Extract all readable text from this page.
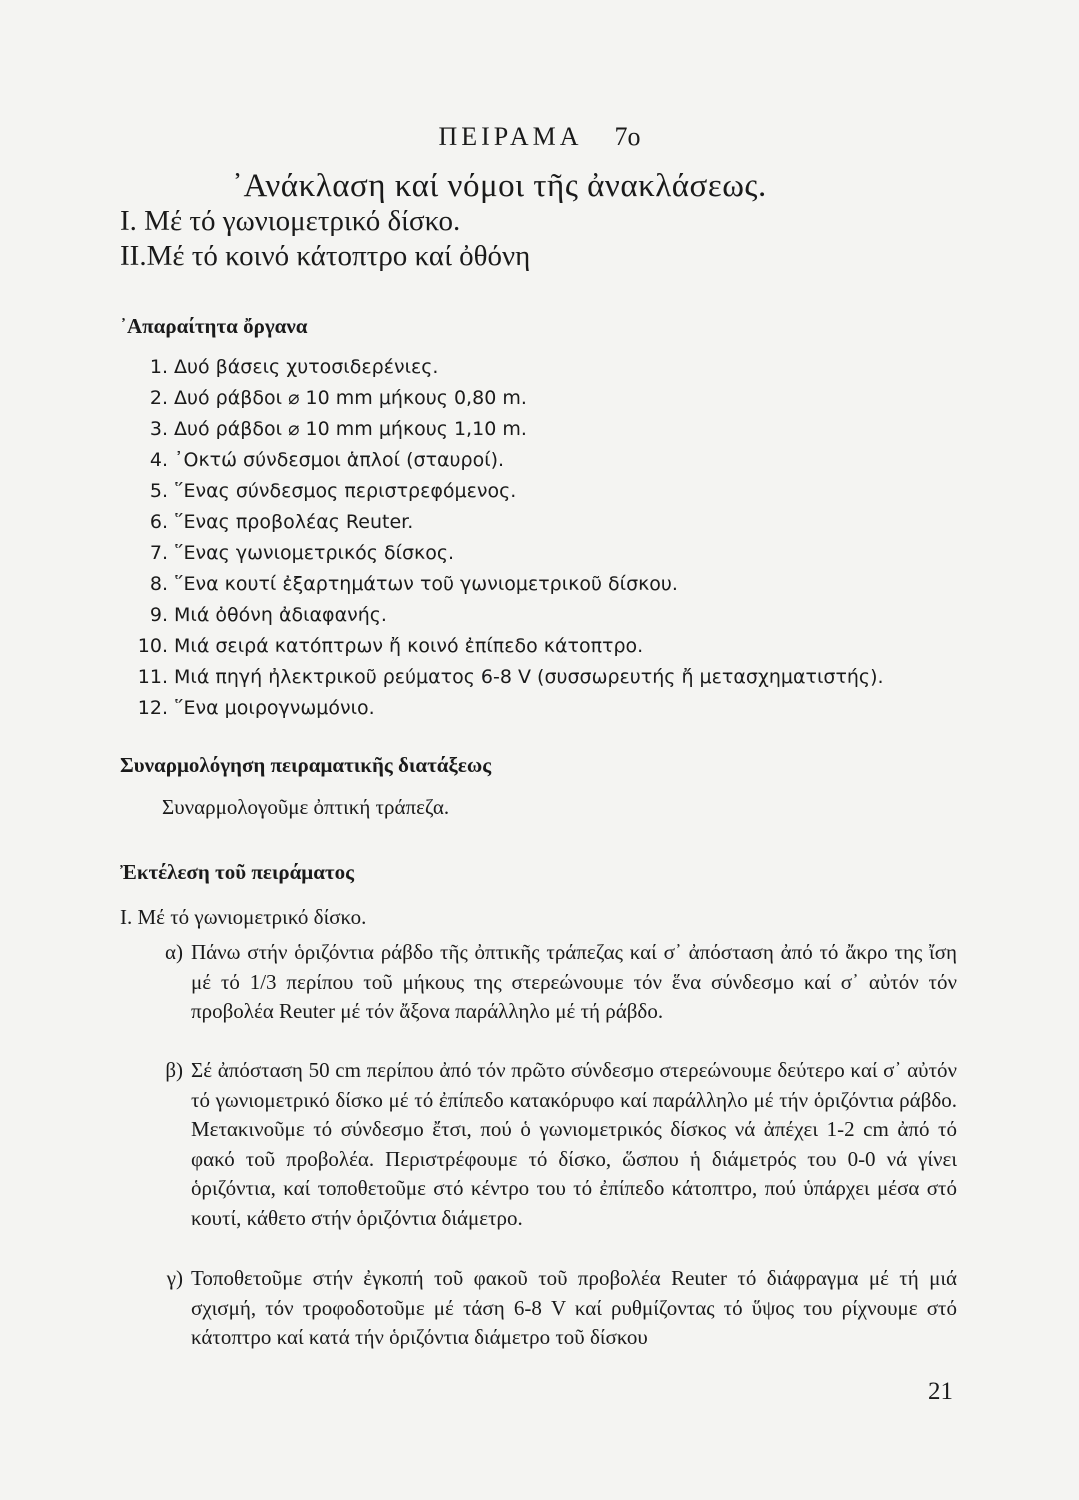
ΠΕΙΡΑΜΑ 7ο
᾿Ανάκλαση καί νόμοι τῆς ἀνακλάσεως.
Ι. Μέ τό γωνιομετρικό δίσκο.
ΙΙ.Μέ τό κοινό κάτοπτρο καί ὀθόνη
᾿Απαραίτητα ὄργανα
1. Δυό βάσεις χυτοσιδερένιες.
2. Δυό ράβδοι ⌀ 10 mm μήκους 0,80 m.
3. Δυό ράβδοι ⌀ 10 mm μήκους 1,10 m.
4. ᾿Οκτώ σύνδεσμοι ἁπλοί (σταυροί).
5. ῞Ενας σύνδεσμος περιστρεφόμενος.
6. ῞Ενας προβολέας Reuter.
7. ῞Ενας γωνιομετρικός δίσκος.
8. ῞Ενα κουτί ἐξαρτημάτων τοῦ γωνιομετρικοῦ δίσκου.
9. Μιά ὀθόνη ἀδιαφανής.
10. Μιά σειρά κατόπτρων ἤ κοινό ἐπίπεδο κάτοπτρο.
11. Μιά πηγή ἠλεκτρικοῦ ρεύματος 6-8 V (συσσωρευτής ἤ μετασχηματιστής).
12. ῞Ενα μοιρογνωμόνιο.
Συναρμολόγηση πειραματικῆς διατάξεως
Συναρμολογοῦμε ὀπτική τράπεζα.
Ἐκτέλεση τοῦ πειράματος
Ι. Μέ τό γωνιομετρικό δίσκο.
α) Πάνω στήν ὁριζόντια ράβδο τῆς ὀπτικῆς τράπεζας καί σ᾿ ἀπόσταση ἀπό τό ἄκρο της ἴση μέ τό 1/3 περίπου τοῦ μήκους της στερεώνουμε τόν ἕνα σύνδεσμο καί σ᾿ αὐτόν τόν προβολέα Reuter μέ τόν ἄξονα παράλληλο μέ τή ράβδο.
β) Σέ ἀπόσταση 50 cm περίπου ἀπό τόν πρῶτο σύνδεσμο στερεώνουμε δεύτερο καί σ᾿ αὐτόν τό γωνιομετρικό δίσκο μέ τό ἐπίπεδο κατακόρυφο καί παράλληλο μέ τήν ὁριζόντια ράβδο. Μετακινοῦμε τό σύνδεσμο ἔτσι, πού ὁ γωνιομετρικός δίσκος νά ἀπέχει 1-2 cm ἀπό τό φακό τοῦ προβολέα. Περιστρέφουμε τό δίσκο, ὥσπου ἡ διάμετρός του 0-0 νά γίνει ὁριζόντια, καί τοποθετοῦμε στό κέντρο του τό ἐπίπεδο κάτοπτρο, πού ὑπάρχει μέσα στό κουτί, κάθετο στήν ὁριζόντια διάμετρο.
γ) Τοποθετοῦμε στήν ἐγκοπή τοῦ φακοῦ τοῦ προβολέα Reuter τό διάφραγμα μέ τή μιά σχισμή, τόν τροφοδοτοῦμε μέ τάση 6-8 V καί ρυθμίζοντας τό ὕψος του ρίχνουμε στό κάτοπτρο καί κατά τήν ὁριζόντια διάμετρο τοῦ δίσκου
21
